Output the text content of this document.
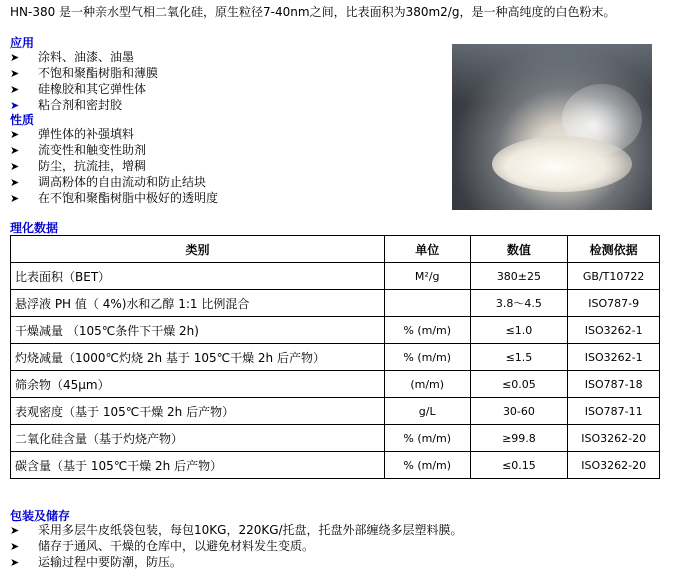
HN-380 是一种亲水型气相二氧化硅，原生粒径7-40nm之间，比表面积为380m2/g，是一种高纯度的白色粉末。
应用
➤ 涂料、油漆、油墨
➤ 不饱和聚酯树脂和薄膜
➤ 硅橡胶和其它弹性体
➤ 粘合剂和密封胶
性质
➤ 弹性体的补强填料
➤ 流变性和触变性助剂
➤ 防尘，抗流挂，增稠
➤ 调高粉体的自由流动和防止结块
➤ 在不饱和聚酯树脂中极好的透明度
理化数据
类别	单位	数值	检测依据
比表面积（BET）	M²/g	380±25	GB/T10722
悬浮液 PH 值（ 4%)水和乙醇 1:1 比例混合		3.8～4.5	ISO787-9
干燥减量 （105℃条件下干燥 2h)	% (m/m)	≤1.0	ISO3262-1
灼烧减量（1000℃灼烧 2h 基于 105℃干燥 2h 后产物）	% (m/m)	≤1.5	ISO3262-1
筛余物（45μm）	(m/m)	≤0.05	ISO787-18
表观密度（基于 105℃干燥 2h 后产物）	g/L	30-60	ISO787-11
二氧化硅含量（基于灼烧产物）	% (m/m)	≥99.8	ISO3262-20
碳含量（基于 105℃干燥 2h 后产物）	% (m/m)	≤0.15	ISO3262-20
包装及储存
➤ 采用多层牛皮纸袋包装，每包10KG，220KG/托盘，托盘外部缠绕多层塑料膜。
➤ 储存于通风、干燥的仓库中，以避免材料发生变质。
➤ 运输过程中要防潮，防压。
